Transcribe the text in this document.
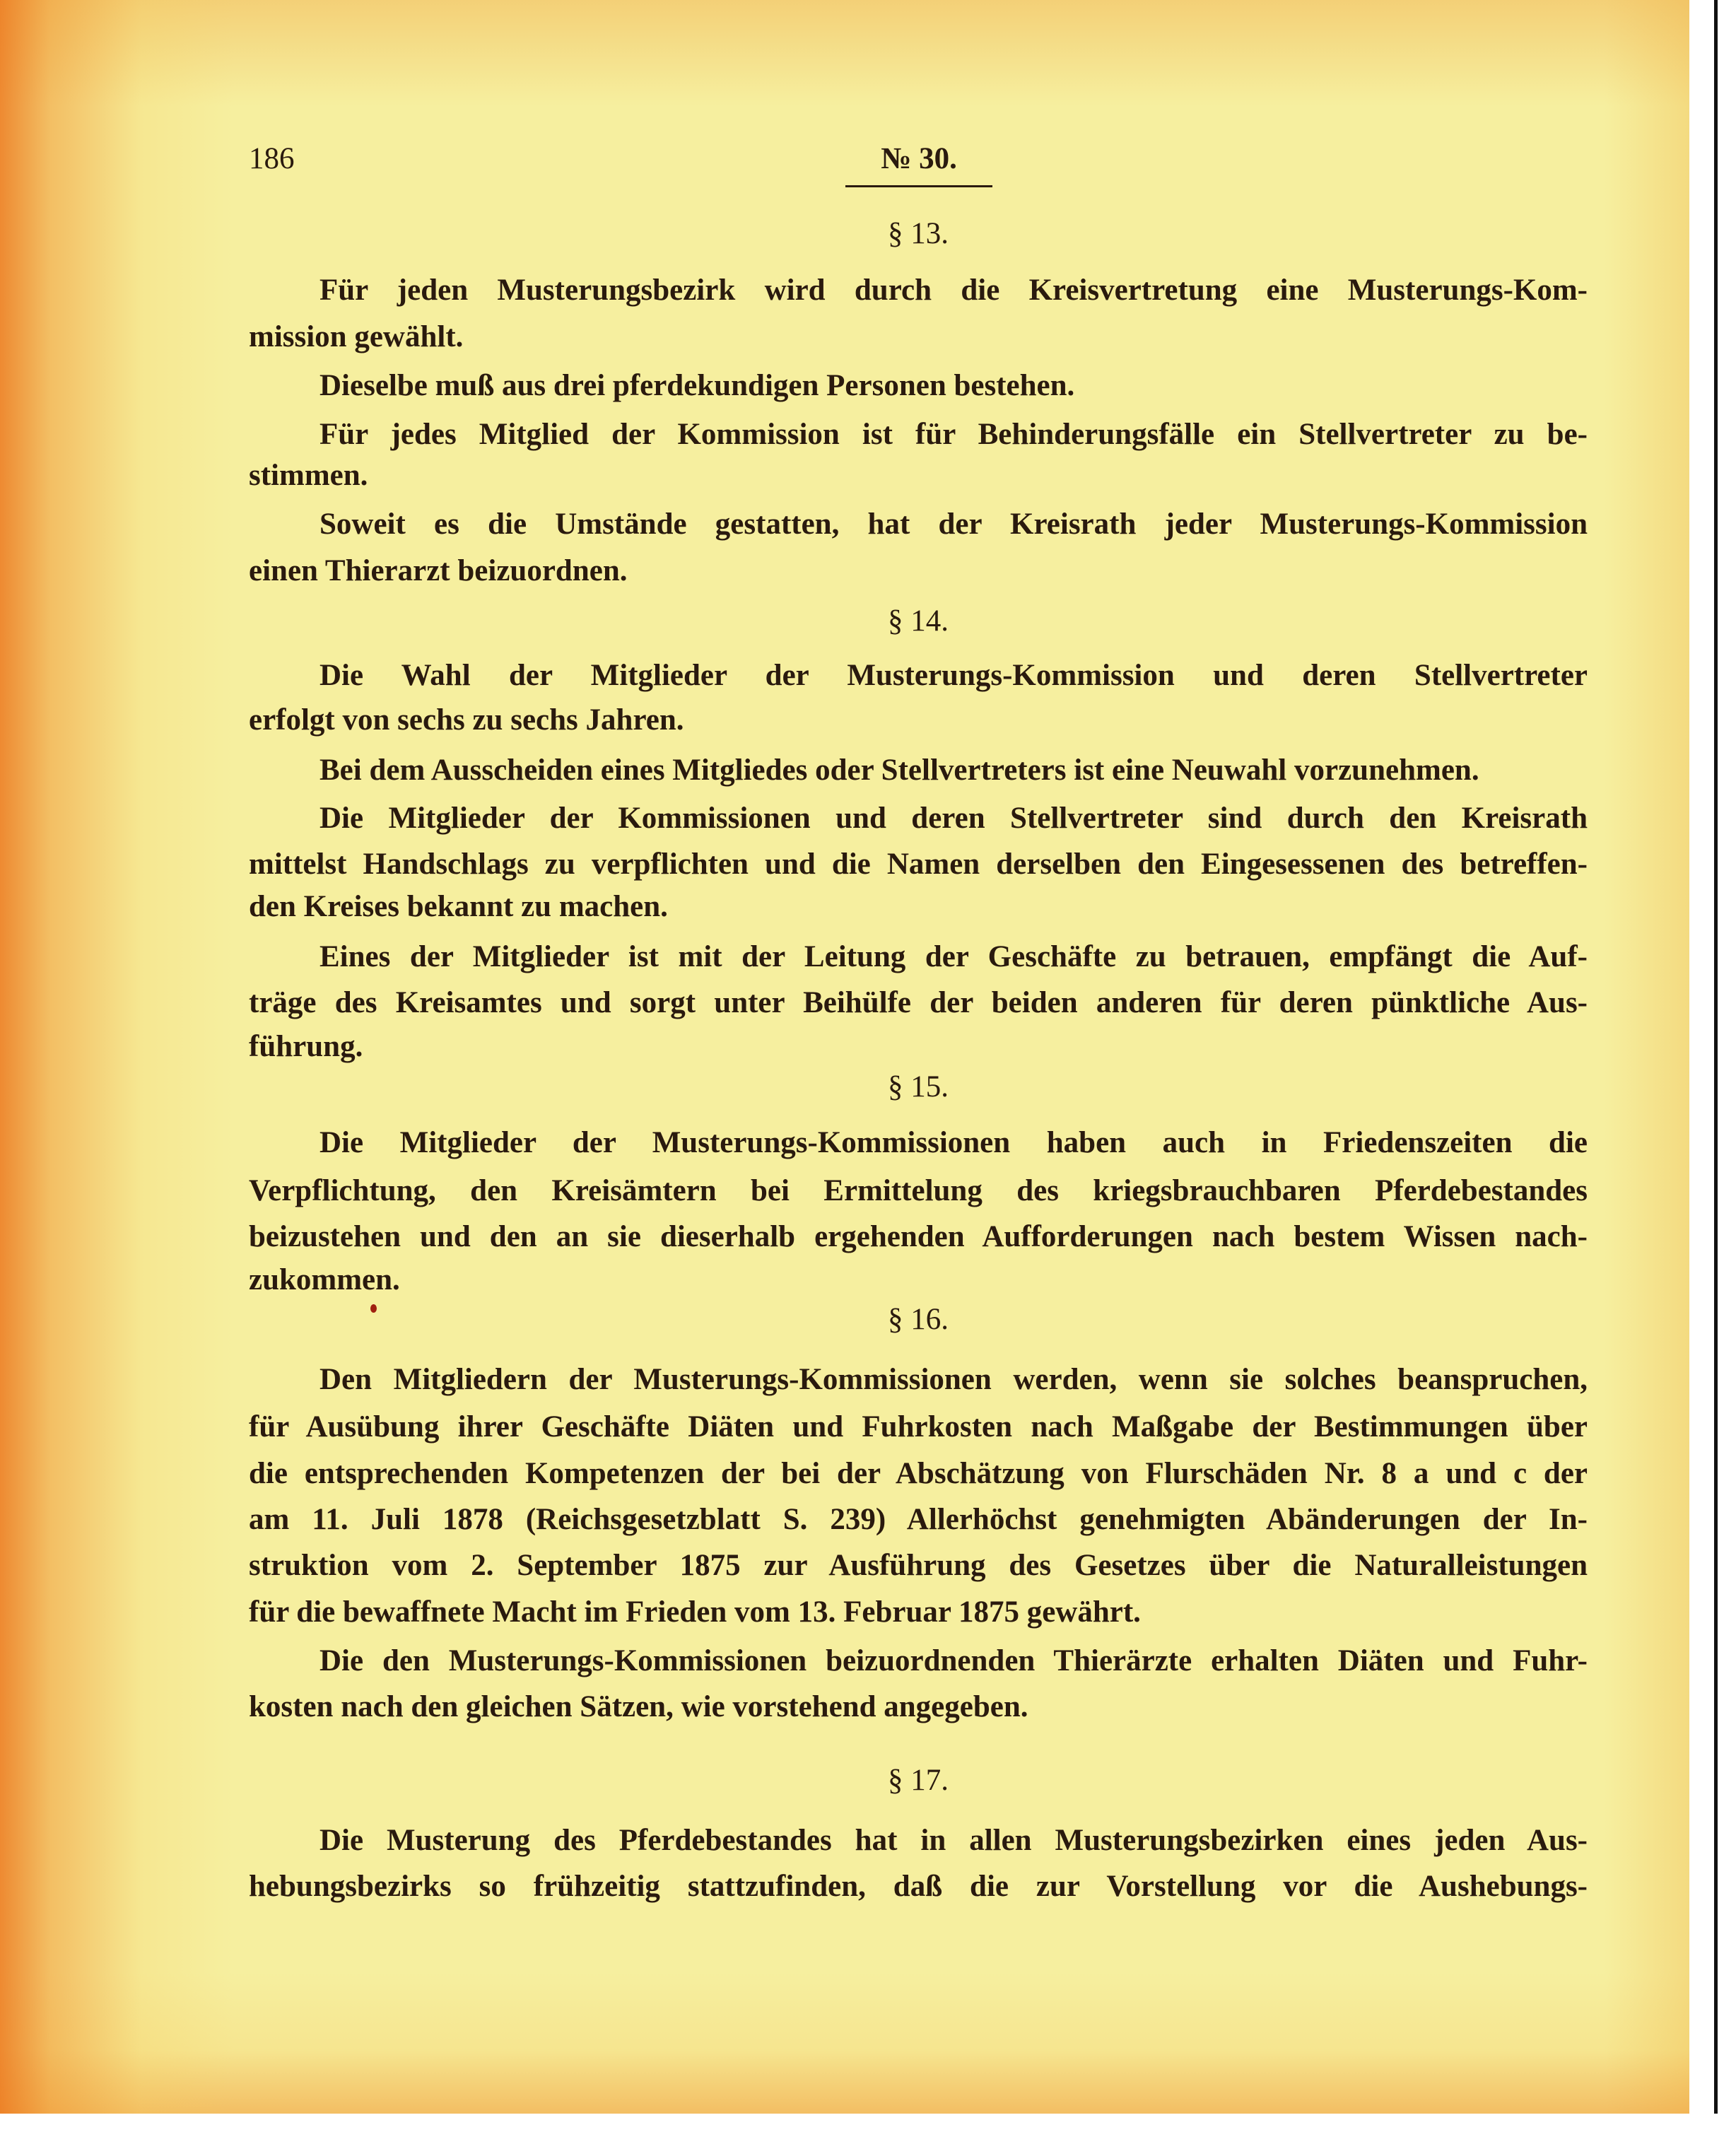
186	№ 30.
§ 13.
Für jeden Musterungsbezirk wird durch die Kreisvertretung eine Musterungs-Kom-
mission gewählt.
Dieselbe muß aus drei pferdekundigen Personen bestehen.
Für jedes Mitglied der Kommission ist für Behinderungsfälle ein Stellvertreter zu be-
stimmen.
Soweit es die Umstände gestatten, hat der Kreisrath jeder Musterungs-Kommission
einen Thierarzt beizuordnen.
§ 14.
Die Wahl der Mitglieder der Musterungs-Kommission und deren Stellvertreter
erfolgt von sechs zu sechs Jahren.
Bei dem Ausscheiden eines Mitgliedes oder Stellvertreters ist eine Neuwahl vorzunehmen.
Die Mitglieder der Kommissionen und deren Stellvertreter sind durch den Kreisrath
mittelst Handschlags zu verpflichten und die Namen derselben den Eingesessenen des betreffen-
den Kreises bekannt zu machen.
Eines der Mitglieder ist mit der Leitung der Geschäfte zu betrauen, empfängt die Auf-
träge des Kreisamtes und sorgt unter Beihülfe der beiden anderen für deren pünktliche Aus-
führung.
§ 15.
Die Mitglieder der Musterungs-Kommissionen haben auch in Friedenszeiten die
Verpflichtung, den Kreisämtern bei Ermittelung des kriegsbrauchbaren Pferdebestandes
beizustehen und den an sie dieserhalb ergehenden Aufforderungen nach bestem Wissen nach-
zukommen.
§ 16.
Den Mitgliedern der Musterungs-Kommissionen werden, wenn sie solches beanspruchen,
für Ausübung ihrer Geschäfte Diäten und Fuhrkosten nach Maßgabe der Bestimmungen über
die entsprechenden Kompetenzen der bei der Abschätzung von Flurschäden Nr. 8 a und c der
am 11. Juli 1878 (Reichsgesetzblatt S. 239) Allerhöchst genehmigten Abänderungen der In-
struktion vom 2. September 1875 zur Ausführung des Gesetzes über die Naturalleistungen
für die bewaffnete Macht im Frieden vom 13. Februar 1875 gewährt.
Die den Musterungs-Kommissionen beizuordnenden Thierärzte erhalten Diäten und Fuhr-
kosten nach den gleichen Sätzen, wie vorstehend angegeben.
§ 17.
Die Musterung des Pferdebestandes hat in allen Musterungsbezirken eines jeden Aus-
hebungsbezirks so frühzeitig stattzufinden, daß die zur Vorstellung vor die Aushebungs-
